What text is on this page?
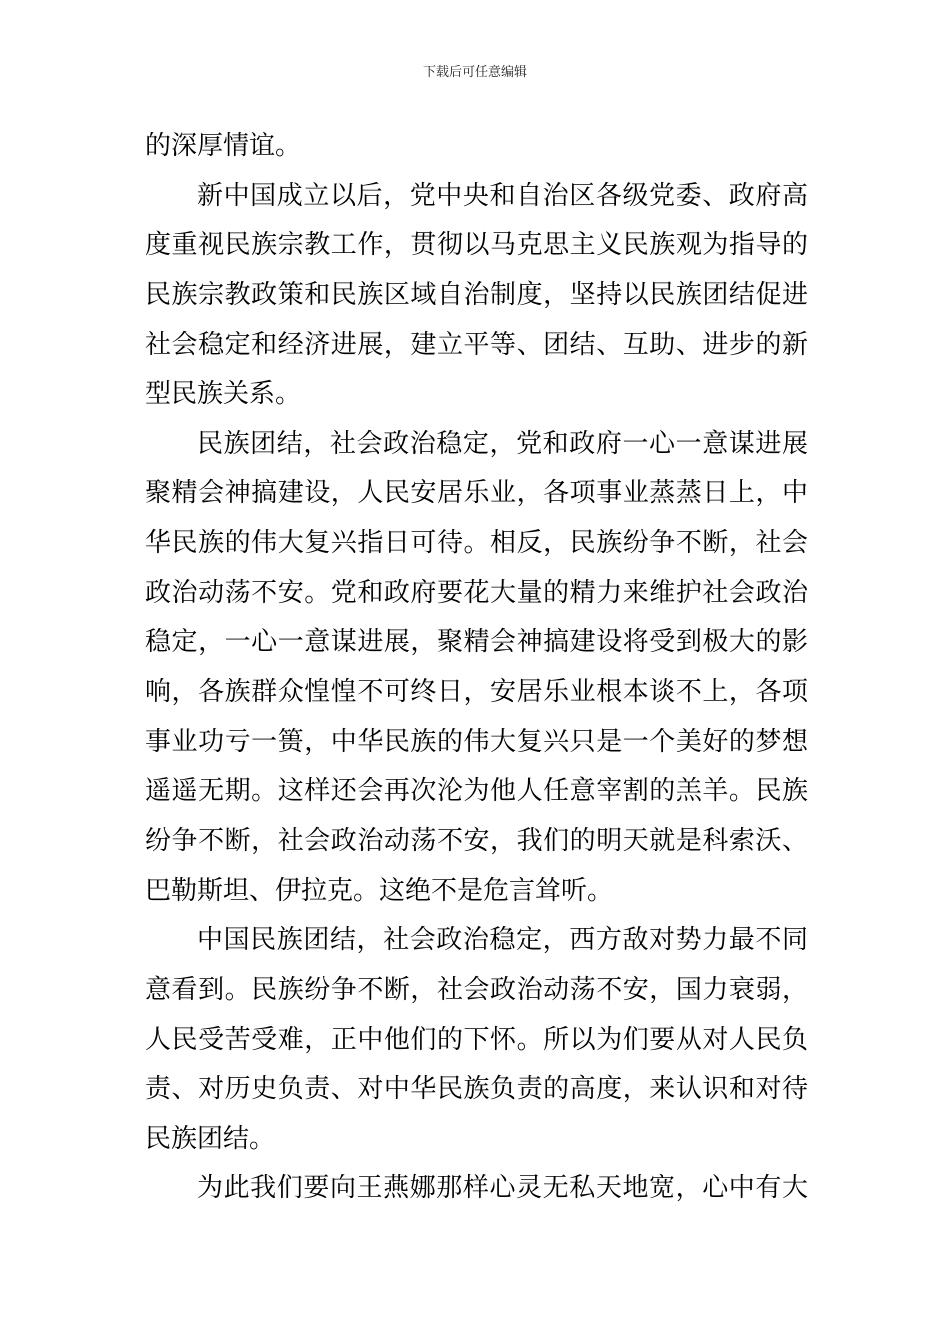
下载后可任意编辑
的深厚情谊。
新中国成立以后，党中央和自治区各级党委、政府高
度重视民族宗教工作，贯彻以马克思主义民族观为指导的
民族宗教政策和民族区域自治制度，坚持以民族团结促进
社会稳定和经济进展，建立平等、团结、互助、进步的新
型民族关系。
民族团结，社会政治稳定，党和政府一心一意谋进展
聚精会神搞建设，人民安居乐业，各项事业蒸蒸日上，中
华民族的伟大复兴指日可待。相反，民族纷争不断，社会
政治动荡不安。党和政府要花大量的精力来维护社会政治
稳定，一心一意谋进展，聚精会神搞建设将受到极大的影
响，各族群众惶惶不可终日，安居乐业根本谈不上，各项
事业功亏一篑，中华民族的伟大复兴只是一个美好的梦想
遥遥无期。这样还会再次沦为他人任意宰割的羔羊。民族
纷争不断，社会政治动荡不安，我们的明天就是科索沃、
巴勒斯坦、伊拉克。这绝不是危言耸听。
中国民族团结，社会政治稳定，西方敌对势力最不同
意看到。民族纷争不断，社会政治动荡不安，国力衰弱，
人民受苦受难，正中他们的下怀。所以为们要从对人民负
责、对历史负责、对中华民族负责的高度，来认识和对待
民族团结。
为此我们要向王燕娜那样心灵无私天地宽，心中有大
